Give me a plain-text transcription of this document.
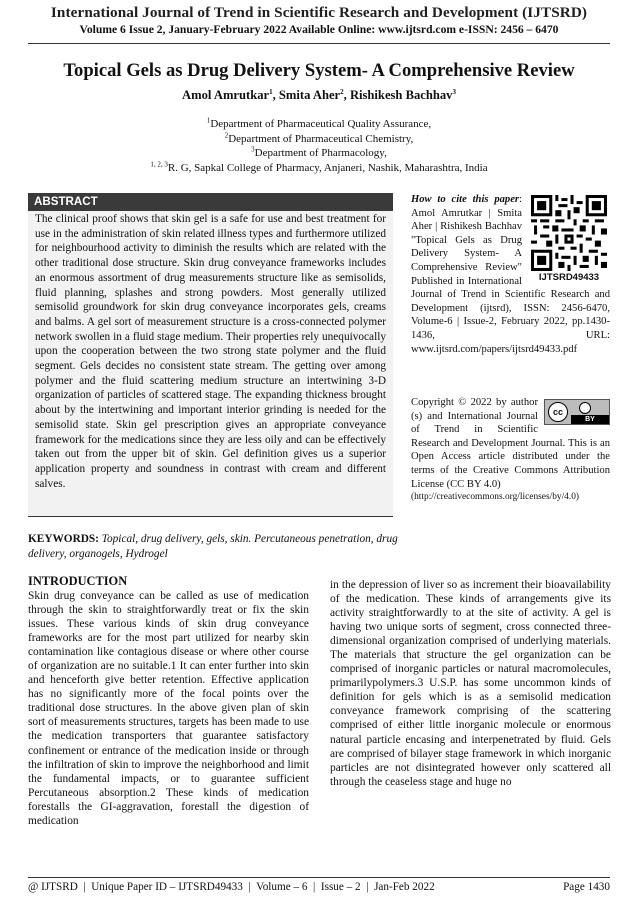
International Journal of Trend in Scientific Research and Development (IJTSRD)
Volume 6 Issue 2, January-February 2022 Available Online: www.ijtsrd.com e-ISSN: 2456 – 6470
Topical Gels as Drug Delivery System- A Comprehensive Review
Amol Amrutkar$^1$, Smita Aher$^2$, Rishikesh Bachhav$^3$
$^1$Department of Pharmaceutical Quality Assurance,
$^2$Department of Pharmaceutical Chemistry,
$^3$Department of Pharmacology,
$^{1, 2, 3}$R. G, Sapkal College of Pharmacy, Anjaneri, Nashik, Maharashtra, India
ABSTRACT
The clinical proof shows that skin gel is a safe for use and best treatment for use in the administration of skin related illness types and furthermore utilized for neighbourhood activity to diminish the results which are related with the other traditional dose structure. Skin drug conveyance frameworks includes an enormous assortment of drug measurements structure like as semisolids, fluid planning, splashes and strong powders. Most generally utilized semisolid groundwork for skin drug conveyance incorporates gels, creams and balms. A gel sort of measurement structure is a cross-connected polymer network swollen in a fluid stage medium. Their properties rely unequivocally upon the cooperation between the two strong state polymer and the fluid segment. Gels decides no consistent state stream. The getting over among polymer and the fluid scattering medium structure an intertwining 3-D organization of particles of scattered stage. The expanding thickness brought about by the intertwining and important interior grinding is needed for the semisolid state. Skin gel prescription gives an appropriate conveyance framework for the medications since they are less oily and can be effectively taken out from the upper bit of skin. Gel definition gives us a superior application property and soundness in contrast with cream and different salves.
IJTSRD49433
How to cite this paper: Amol Amrutkar | Smita Aher | Rishikesh Bachhav "Topical Gels as Drug Delivery System- A Comprehensive Review" Published in International Journal of Trend in Scientific Research and Development (ijtsrd), ISSN: 2456-6470, Volume-6 | Issue-2, February 2022, pp.1430-1436, URL: www.ijtsrd.com/papers/ijtsrd49433.pdf
cc
BY
Copyright © 2022 by author (s) and International Journal of Trend in Scientific Research and Development Journal. This is an Open Access article distributed under the terms of the Creative Commons Attribution License (CC BY 4.0)
(http://creativecommons.org/licenses/by/4.0)
KEYWORDS: Topical, drug delivery, gels, skin. Percutaneous penetration, drug delivery, organogels, Hydrogel
INTRODUCTION
Skin drug conveyance can be called as use of medication through the skin to straightforwardly treat or fix the skin issues. These various kinds of skin drug conveyance frameworks are for the most part utilized for nearby skin contamination like contagious disease or where other course of organization are no suitable.1 It can enter further into skin and henceforth give better retention. Effective application has no significantly more of the focal points over the traditional dose structures. In the above given plan of skin sort of measurements structures, targets has been made to use the medication transporters that guarantee satisfactory confinement or entrance of the medication inside or through the infiltration of skin to improve the neighborhood and limit the fundamental impacts, or to guarantee sufficient Percutaneous absorption.2 These kinds of medication forestalls the GI-aggravation, forestall the digestion of medication
in the depression of liver so as increment their bioavailability of the medication. These kinds of arrangements give its activity straightforwardly to at the site of activity. A gel is having two unique sorts of segment, cross connected three-dimensional organization comprised of underlying materials. The materials that structure the gel organization can be comprised of inorganic particles or natural macromolecules, primarilypolymers.3 U.S.P. has some uncommon kinds of definition for gels which is as a semisolid medication conveyance framework comprising of the scattering comprised of either little inorganic molecule or enormous natural particle encasing and interpenetrated by fluid. Gels are comprised of bilayer stage framework in which inorganic particles are not disintegrated however only scattered all through the ceaseless stage and huge no
@ IJTSRD  |  Unique Paper ID – IJTSRD49433  |  Volume – 6  |  Issue – 2  |  Jan-Feb 2022	Page 1430
